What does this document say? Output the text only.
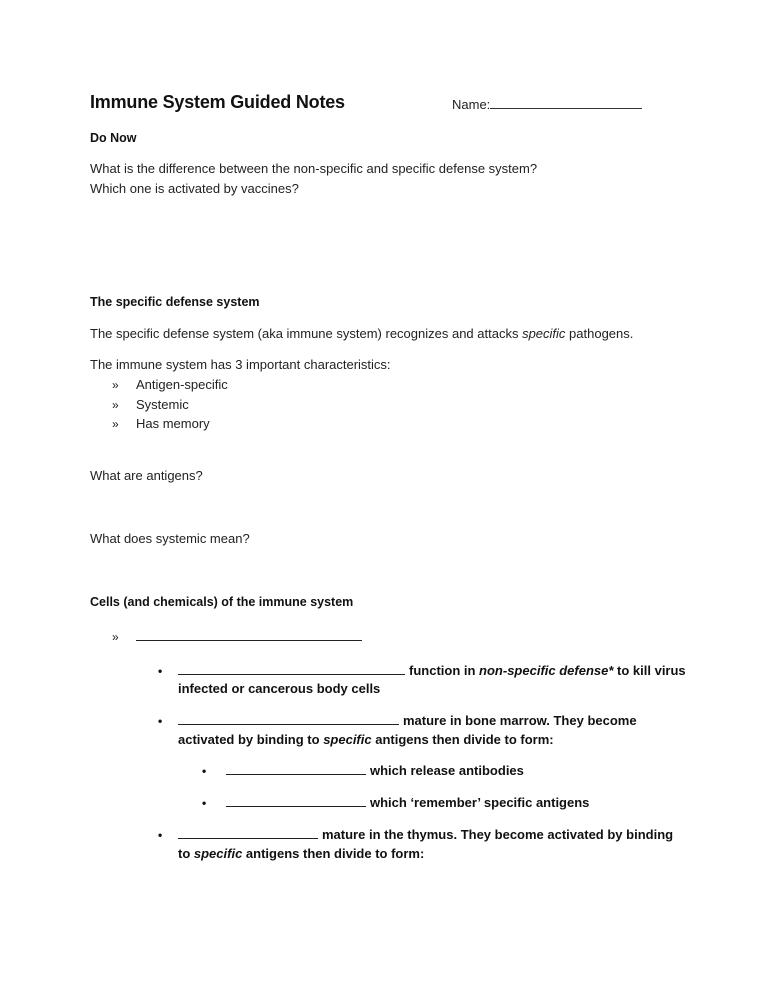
Immune System Guided Notes	Name:
Do Now
What is the difference between the non-specific and specific defense system?
Which one is activated by vaccines?
The specific defense system
The specific defense system (aka immune system) recognizes and attacks specific pathogens.
The immune system has 3 important characteristics:
» Antigen-specific
» Systemic
» Has memory
What are antigens?
What does systemic mean?
Cells (and chemicals) of the immune system
»
•	function in non-specific defense* to kill virus
infected or cancerous body cells
•	mature in bone marrow. They become
activated by binding to specific antigens then divide to form:
•	which release antibodies
•	which ‘remember’ specific antigens
•	mature in the thymus. They become activated by binding
to specific antigens then divide to form:
